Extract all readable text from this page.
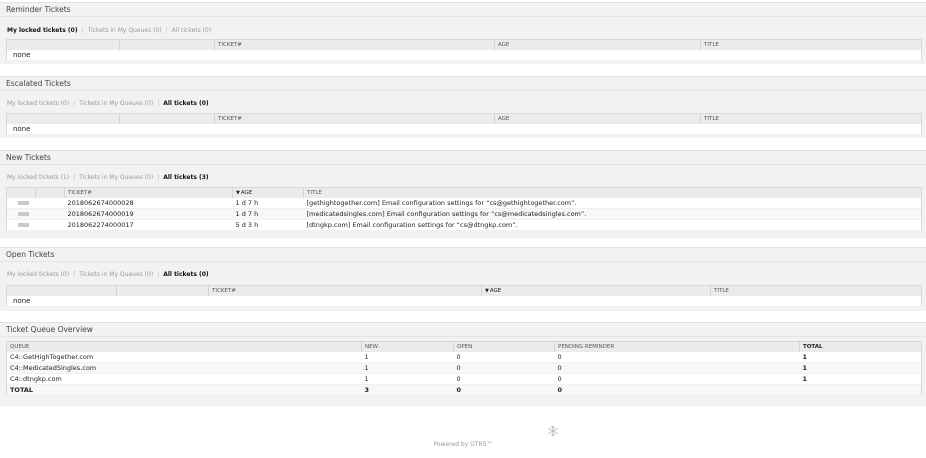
Reminder Tickets
My locked tickets (0) | Tickets in My Queues (0) | All tickets (0)
		TICKET#	AGE	TITLE
none
Escalated Tickets
My locked tickets (0) | Tickets in My Queues (0) | All tickets (0)
		TICKET#	AGE	TITLE
none
New Tickets
My locked tickets (1) | Tickets in My Queues (0) | All tickets (3)
		TICKET#	▼AGE	TITLE
		2018062674000028	1 d 7 h	[gethightogether.com] Email configuration settings for “cs@gethightogether.com”.
		2018062674000019	1 d 7 h	[medicatedsingles.com] Email configuration settings for “cs@medicatedsingles.com”.
		2018062274000017	5 d 3 h	[dtngkp.com] Email configuration settings for “cs@dtngkp.com”.
Open Tickets
My locked tickets (0) | Tickets in My Queues (0) | All tickets (0)
		TICKET#	▼AGE	TITLE
none
Ticket Queue Overview
QUEUE	NEW	OPEN	PENDING REMINDER	TOTAL
C4::GetHighTogether.com	1	0	0	1
C4::MedicatedSingles.com	1	0	0	1
C4::dtngkp.com	1	0	0	1
TOTAL	3	0	0	
Powered by OTRS™
